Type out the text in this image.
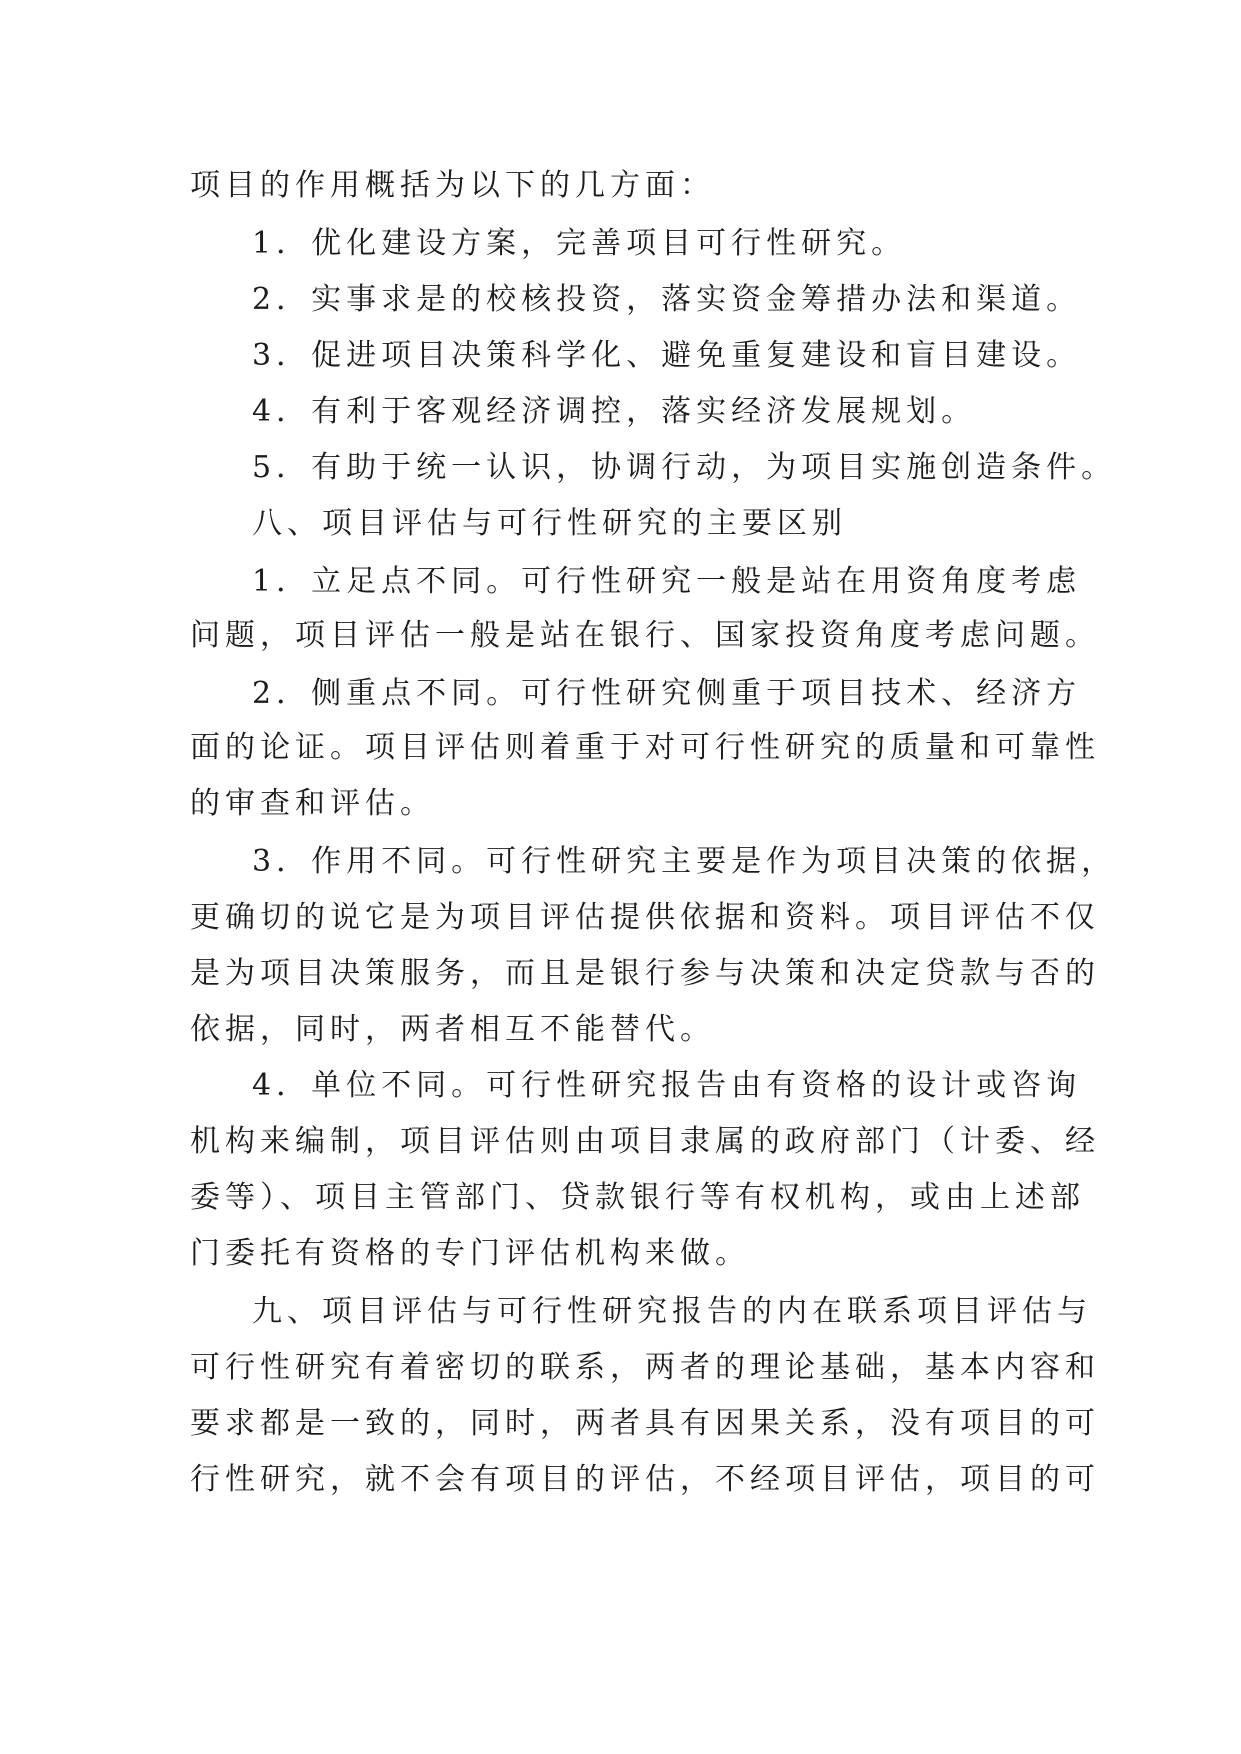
项目的作用概括为以下的几方面：
1．优化建设方案，完善项目可行性研究。
2．实事求是的校核投资，落实资金筹措办法和渠道。
3．促进项目决策科学化、避免重复建设和盲目建设。
4．有利于客观经济调控，落实经济发展规划。
5．有助于统一认识，协调行动，为项目实施创造条件。
八、项目评估与可行性研究的主要区别
1．立足点不同。可行性研究一般是站在用资角度考虑
问题，项目评估一般是站在银行、国家投资角度考虑问题。
2．侧重点不同。可行性研究侧重于项目技术、经济方
面的论证。项目评估则着重于对可行性研究的质量和可靠性
的审查和评估。
3．作用不同。可行性研究主要是作为项目决策的依据，
更确切的说它是为项目评估提供依据和资料。项目评估不仅
是为项目决策服务，而且是银行参与决策和决定贷款与否的
依据，同时，两者相互不能替代。
4．单位不同。可行性研究报告由有资格的设计或咨询
机构来编制，项目评估则由项目隶属的政府部门（计委、经
委等）、项目主管部门、贷款银行等有权机构，或由上述部
门委托有资格的专门评估机构来做。
九、项目评估与可行性研究报告的内在联系项目评估与
可行性研究有着密切的联系，两者的理论基础，基本内容和
要求都是一致的，同时，两者具有因果关系，没有项目的可
行性研究，就不会有项目的评估，不经项目评估，项目的可
